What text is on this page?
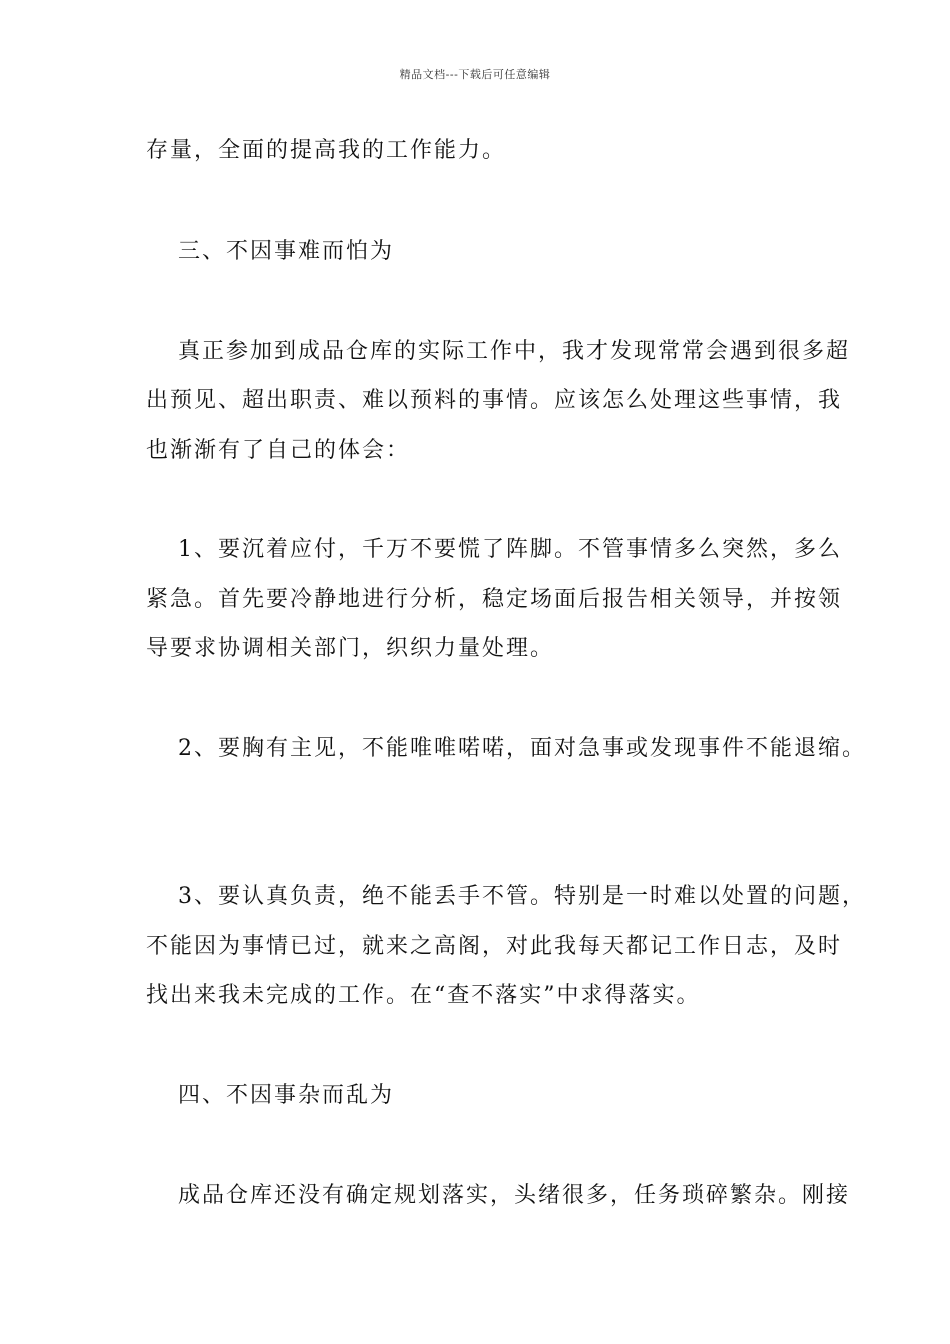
精品文档---下载后可任意编辑
存量，全面的提高我的工作能力。
三、不因事难而怕为
真正参加到成品仓库的实际工作中，我才发现常常会遇到很多超
出预见、超出职责、难以预料的事情。应该怎么处理这些事情，我
也渐渐有了自己的体会：
1、要沉着应付，千万不要慌了阵脚。不管事情多么突然，多么
紧急。首先要冷静地进行分析，稳定场面后报告相关领导，并按领
导要求协调相关部门，织织力量处理。
2、要胸有主见，不能唯唯喏喏，面对急事或发现事件不能退缩。
3、要认真负责，绝不能丢手不管。特别是一时难以处置的问题，
不能因为事情已过，就来之高阁，对此我每天都记工作日志，及时
找出来我未完成的工作。在“查不落实”中求得落实。
四、不因事杂而乱为
成品仓库还没有确定规划落实，头绪很多，任务琐碎繁杂。刚接
